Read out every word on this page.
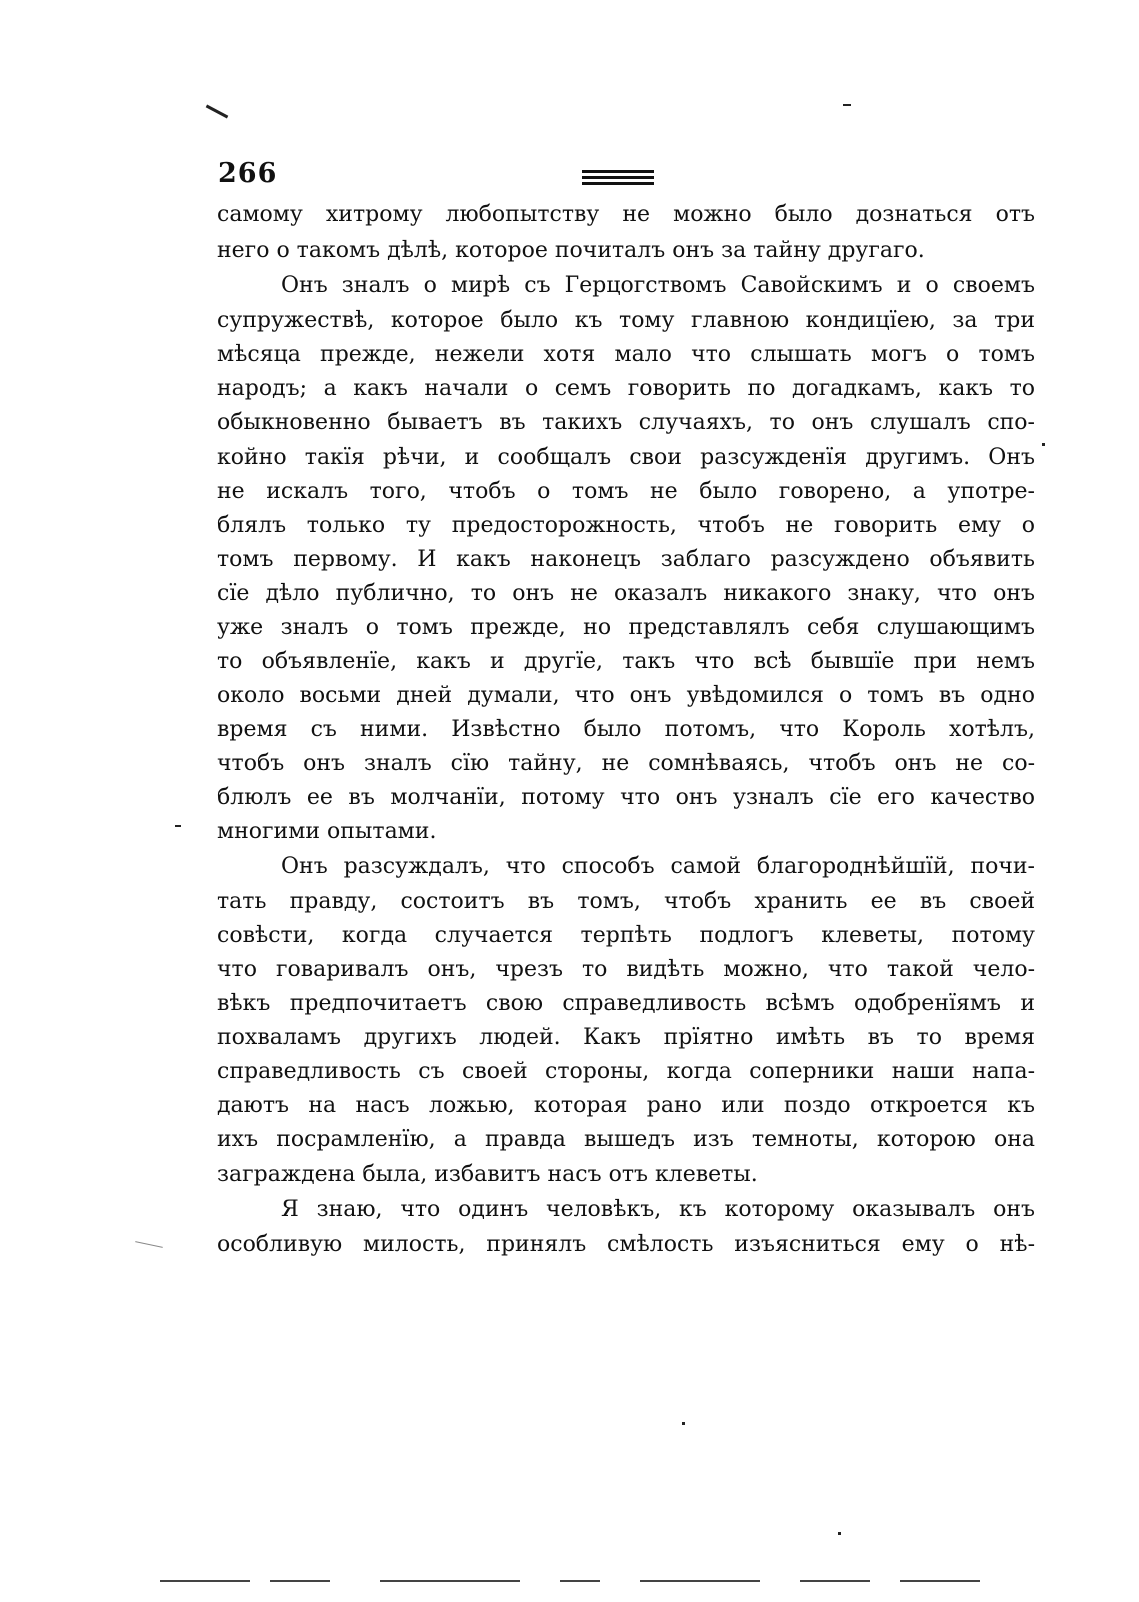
266
самому хитрому любопытству не можно было дознаться отъ
него о такомъ дѣлѣ, которое почиталъ онъ за тайну другаго.
Онъ зналъ о мирѣ съ Герцогствомъ Савойскимъ и о своемъ
супружествѣ, которое было къ тому главною кондицїею, за три
мѣсяца прежде, нежели хотя мало что слышать могъ о томъ
народъ; а какъ начали о семъ говорить по догадкамъ, какъ то
обыкновенно бываетъ въ такихъ случаяхъ, то онъ слушалъ спо-
койно такїя рѣчи, и сообщалъ свои разсужденїя другимъ. Онъ
не искалъ того, чтобъ о томъ не было говорено, а употре-
блялъ только ту предосторожность, чтобъ не говорить ему о
томъ первому. И какъ наконецъ заблаго разсуждено объявить
сїе дѣло публично, то онъ не оказалъ никакого знаку, что онъ
уже зналъ о томъ прежде, но представлялъ себя слушающимъ
то объявленїе, какъ и другїе, такъ что всѣ бывшїе при немъ
около восьми дней думали, что онъ увѣдомился о томъ въ одно
время съ ними. Извѣстно было потомъ, что Король хотѣлъ,
чтобъ онъ зналъ сїю тайну, не сомнѣваясь, чтобъ онъ не со-
блюлъ ее въ молчанїи, потому что онъ узналъ сїе его качество
многими опытами.
Онъ разсуждалъ, что способъ самой благороднѣйшїй, почи-
тать правду, состоитъ въ томъ, чтобъ хранить ее въ своей
совѣсти, когда случается терпѣть подлогъ клеветы, потому
что говаривалъ онъ, чрезъ то видѣть можно, что такой чело-
вѣкъ предпочитаетъ свою справедливость всѣмъ одобренїямъ и
похваламъ другихъ людей. Какъ прїятно имѣть въ то время
справедливость съ своей стороны, когда соперники наши напа-
даютъ на насъ ложью, которая рано или поздо откроется къ
ихъ посрамленїю, а правда вышедъ изъ темноты, которою она
заграждена была, избавитъ насъ отъ клеветы.
Я знаю, что одинъ человѣкъ, къ которому оказывалъ онъ
особливую милость, принялъ смѣлость изъясниться ему о нѣ-
